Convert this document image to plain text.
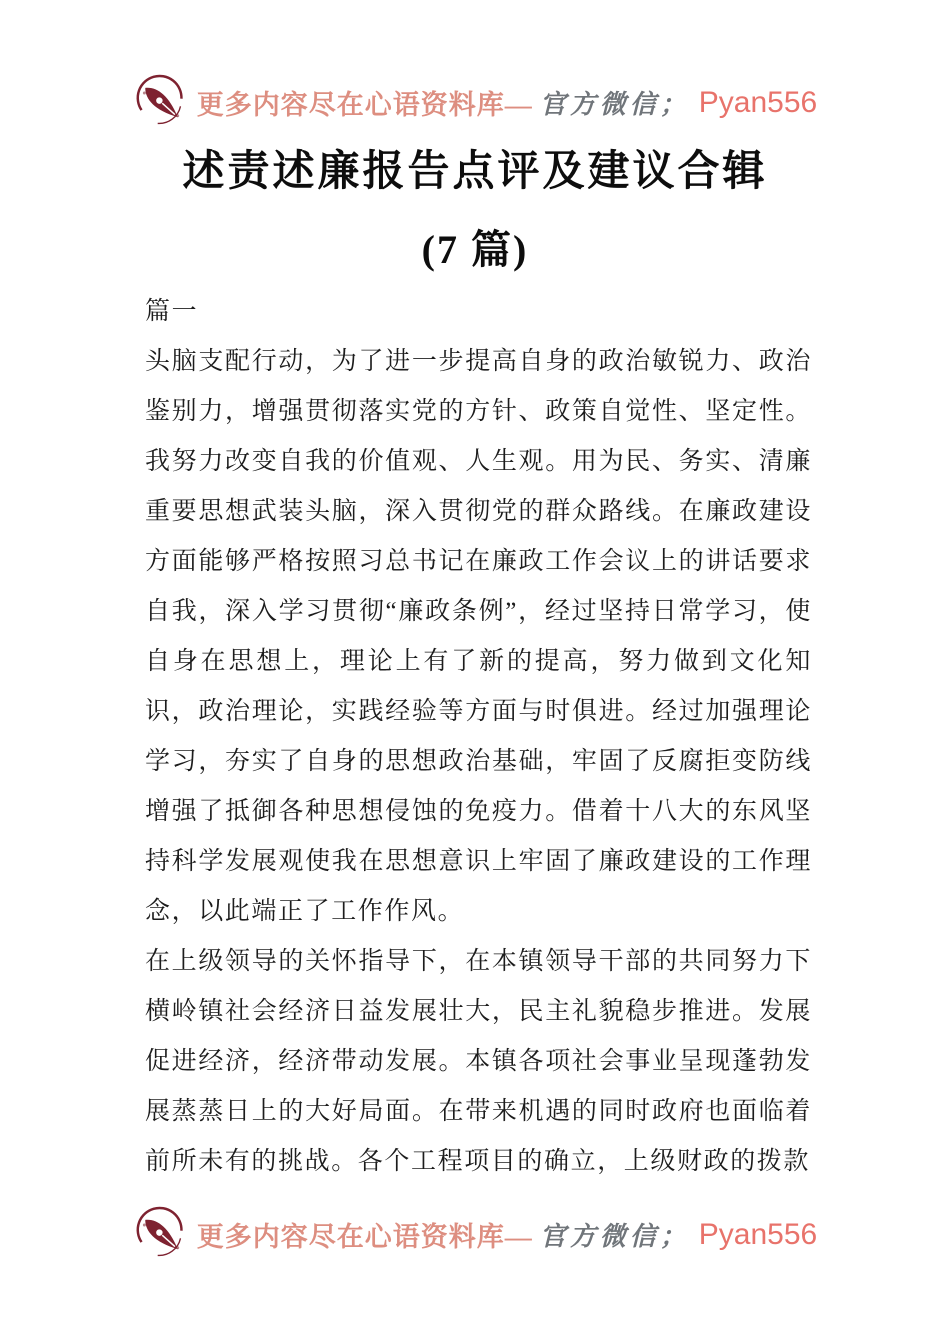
更多内容尽在心语资料库— 官方微信； Pyan556
述责述廉报告点评及建议合辑
(7 篇)

篇一

头脑支配行动，为了进一步提高自身的政治敏锐力、政治鉴别力，增强贯彻落实党的方针、政策自觉性、坚定性。我努力改变自我的价值观、人生观。用为民、务实、清廉重要思想武装头脑，深入贯彻党的群众路线。在廉政建设方面能够严格按照习总书记在廉政工作会议上的讲话要求自我，深入学习贯彻“廉政条例”，经过坚持日常学习，使自身在思想上，理论上有了新的提高，努力做到文化知识，政治理论，实践经验等方面与时俱进。经过加强理论学习，夯实了自身的思想政治基础，牢固了反腐拒变防线增强了抵御各种思想侵蚀的免疫力。借着十八大的东风坚持科学发展观使我在思想意识上牢固了廉政建设的工作理念，以此端正了工作作风。

在上级领导的关怀指导下，在本镇领导干部的共同努力下横岭镇社会经济日益发展壮大，民主礼貌稳步推进。发展促进经济，经济带动发展。本镇各项社会事业呈现蓬勃发展蒸蒸日上的大好局面。在带来机遇的同时政府也面临着前所未有的挑战。各个工程项目的确立，上级财政的拨款

更多内容尽在心语资料库— 官方微信； Pyan556
